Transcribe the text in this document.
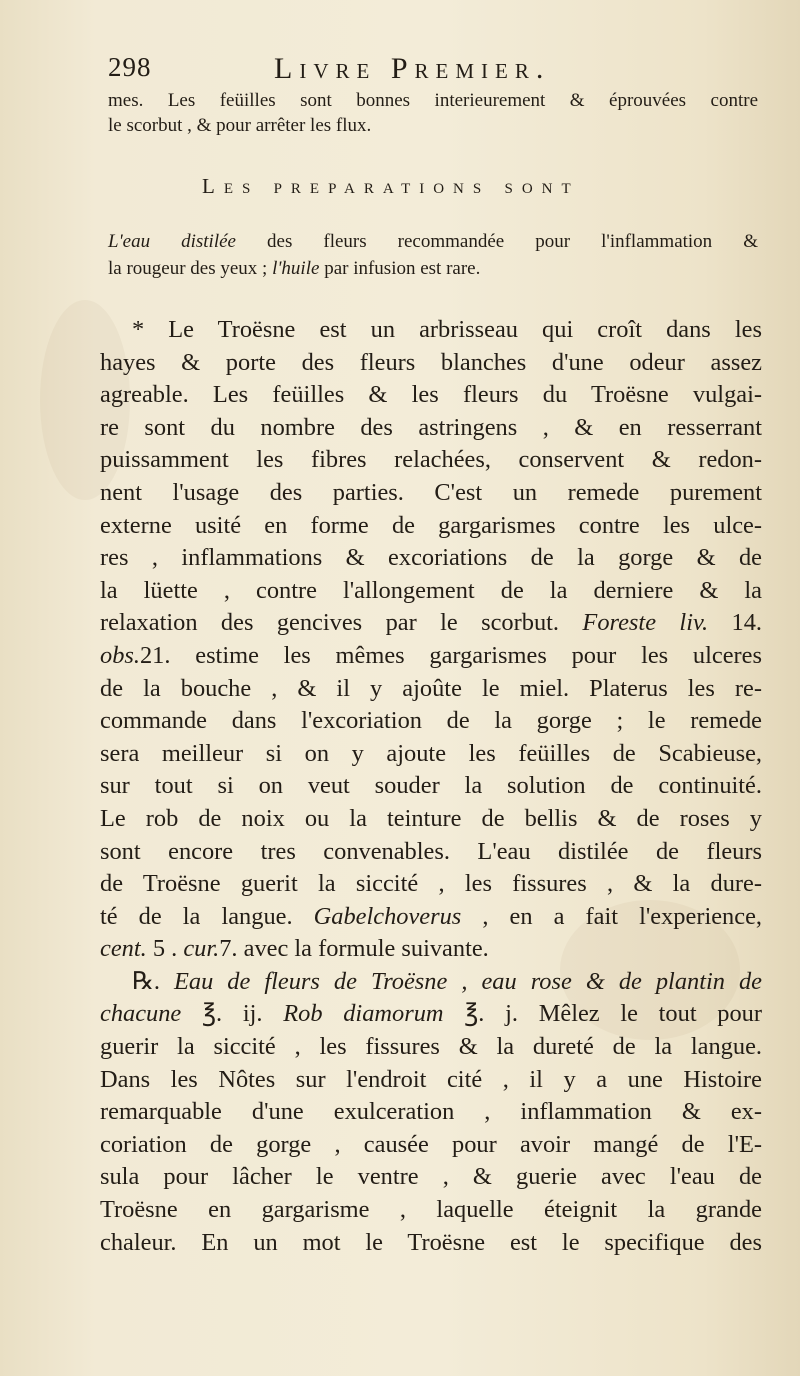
298	Livre Premier.
mes. Les feüilles sont bonnes interieurement & éprouvées contre
le scorbut , & pour arrêter les flux.
Les preparations sont
L'eau distilée des fleurs recommandée pour l'inflammation &
la rougeur des yeux ; l'huile par infusion est rare.
* Le Troësne est un arbrisseau qui croît dans les
hayes & porte des fleurs blanches d'une odeur assez
agreable. Les feüilles & les fleurs du Troësne vulgai-
re sont du nombre des astringens , & en resserrant
puissamment les fibres relachées, conservent & redon-
nent l'usage des parties. C'est un remede purement
externe usité en forme de gargarismes contre les ulce-
res , inflammations & excoriations de la gorge & de
la lüette , contre l'allongement de la derniere & la
relaxation des gencives par le scorbut. Foreste liv. 14.
obs.21. estime les mêmes gargarismes pour les ulceres
de la bouche , & il y ajoûte le miel. Platerus les re-
commande dans l'excoriation de la gorge ; le remede
sera meilleur si on y ajoute les feüilles de Scabieuse,
sur tout si on veut souder la solution de continuité.
Le rob de noix ou la teinture de bellis & de roses y
sont encore tres convenables. L'eau distilée de fleurs
de Troësne guerit la siccité , les fissures , & la dure-
té de la langue. Gabelchoverus , en a fait l'experience,
cent. 5 . cur.7. avec la formule suivante.
℞. Eau de fleurs de Troësne , eau rose & de plantin de
chacune ℥. ij. Rob diamorum ℥. j. Mêlez le tout pour
guerir la siccité , les fissures & la dureté de la langue.
Dans les Nôtes sur l'endroit cité , il y a une Histoire
remarquable d'une exulceration , inflammation & ex-
coriation de gorge , causée pour avoir mangé de l'E-
sula pour lâcher le ventre , & guerie avec l'eau de
Troësne en gargarisme , laquelle éteignit la grande
chaleur. En un mot le Troësne est le specifique des
